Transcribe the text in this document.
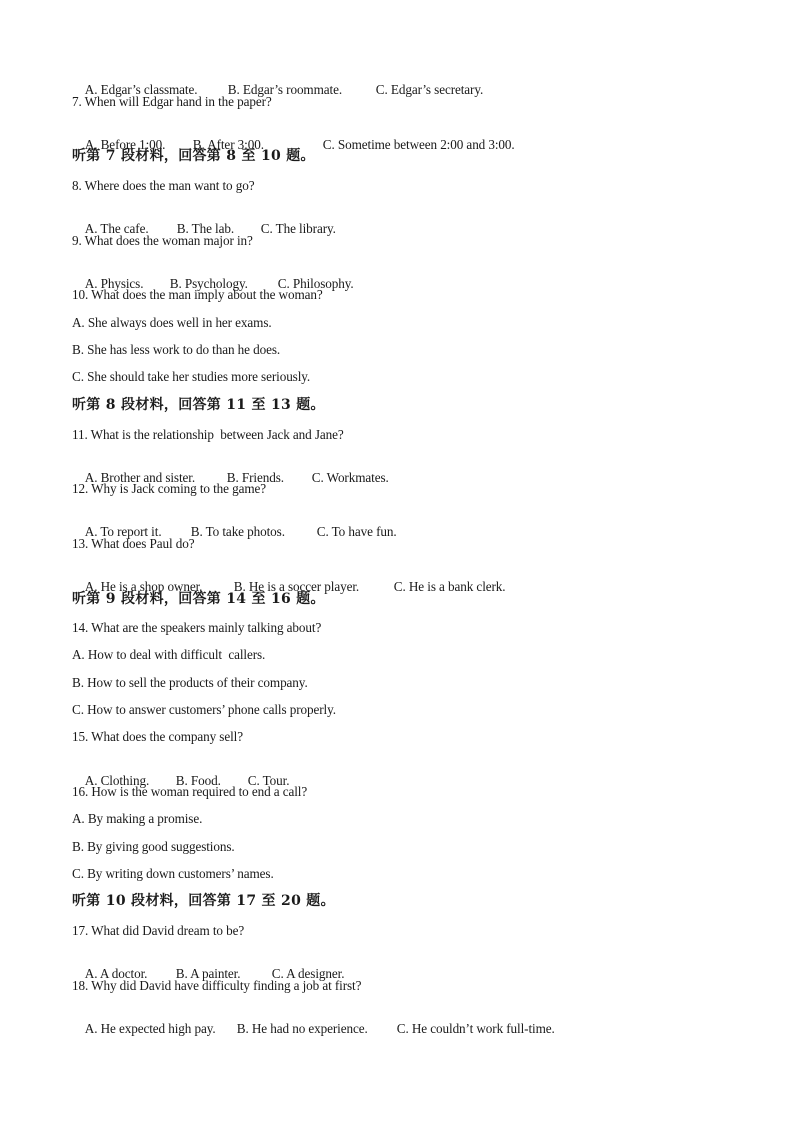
A. Edgar’s classmate. B. Edgar’s roommate.	C. Edgar’s secretary.

7. When will Edgar hand in the paper?

A. Before 1:00. B. After 3:00.	C. Sometime between 2:00 and 3:00.

听第 7 段材料，回答第 8 至 10 题。
8. Where does the man want to go?

A. The cafe. B. The lab. C. The library.

9. What does the woman major in?

A. Physics. B. Psychology. C. Philosophy.

10. What does the man imply about the woman?
A. She always does well in her exams.
B. She has less work to do than he does.
C. She should take her studies more seriously.
听第 8 段材料，回答第 11 至 13 题。
11. What is the relationship  between Jack and Jane?

A. Brother and sister. B. Friends. C. Workmates.

12. Why is Jack coming to the game?

A. To report it. B. To take photos. C. To have fun.

13. What does Paul do?

A. He is a shop owner. B. He is a soccer player.	C. He is a bank clerk.

听第 9 段材料，回答第 14 至 16 题。
14. What are the speakers mainly talking about?
A. How to deal with difficult  callers.
B. How to sell the products of their company.
C. How to answer customers’ phone calls properly.
15. What does the company sell?

A. Clothing. B. Food. C. Tour.

16. How is the woman required to end a call?
A. By making a promise.
B. By giving good suggestions.
C. By writing down customers’ names.
听第 10 段材料，回答第 17 至 20 题。
17. What did David dream to be?

A. A doctor. B. A painter. C. A designer.

18. Why did David have difficulty finding a job at first?

A. He expected high pay. B. He had no experience. C. He couldn’t work full-time.
